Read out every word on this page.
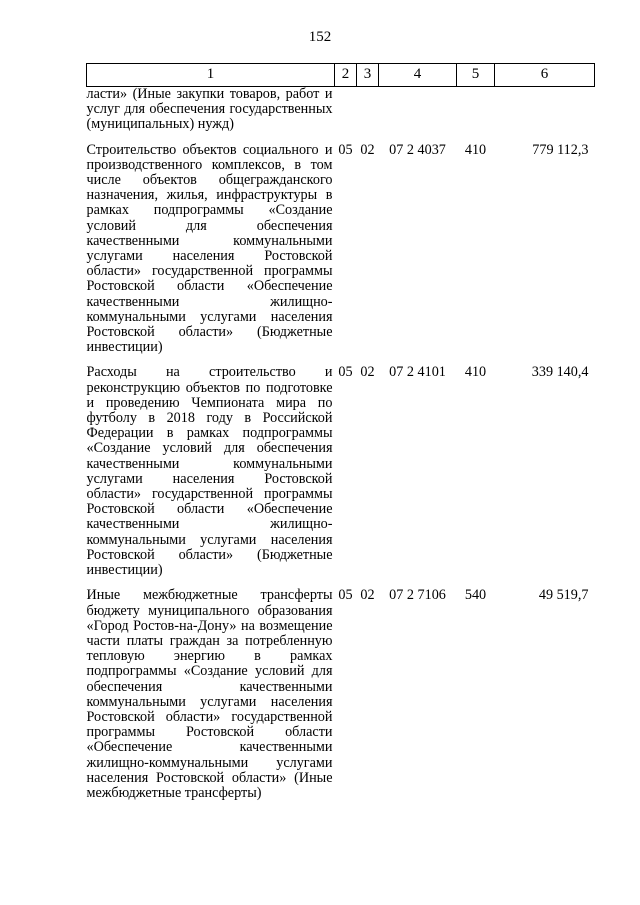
152
1	2	3	4	5	6

ласти» (Иные закупки товаров, работ и услуг для обеспечения государственных (муниципальных) нужд)					

Строительство объектов социального и производственного комплексов, в том числе объектов общегражданского назначения, жилья, инфраструктуры в рамках подпрограммы «Создание условий для обеспечения качественными коммунальными услугами населения Ростовской области» государственной программы Ростовской области «Обеспечение качественными жилищно-коммунальными услугами населения Ростовской области» (Бюджетные инвестиции)	05	02	07 2 4037	410	779 112,3

Расходы на строительство и реконструкцию объектов по подготовке и проведению Чемпионата мира по футболу в 2018 году в Российской Федерации в рамках подпрограммы «Создание условий для обеспечения качественными коммунальными услугами населения Ростовской области» государственной программы Ростовской области «Обеспечение качественными жилищно-коммунальными услугами населения Ростовской области» (Бюджетные инвестиции)	05	02	07 2 4101	410	339 140,4

Иные межбюджетные трансферты бюджету муниципального образования «Город Ростов-на-Дону» на возмещение части платы граждан за потребленную тепловую энергию в рамках подпрограммы «Создание условий для обеспечения качественными коммунальными услугами населения Ростовской области» государственной программы Ростовской области «Обеспечение качественными жилищно-коммунальными услугами населения Ростовской области» (Иные межбюджетные трансферты)	05	02	07 2 7106	540	49 519,7
